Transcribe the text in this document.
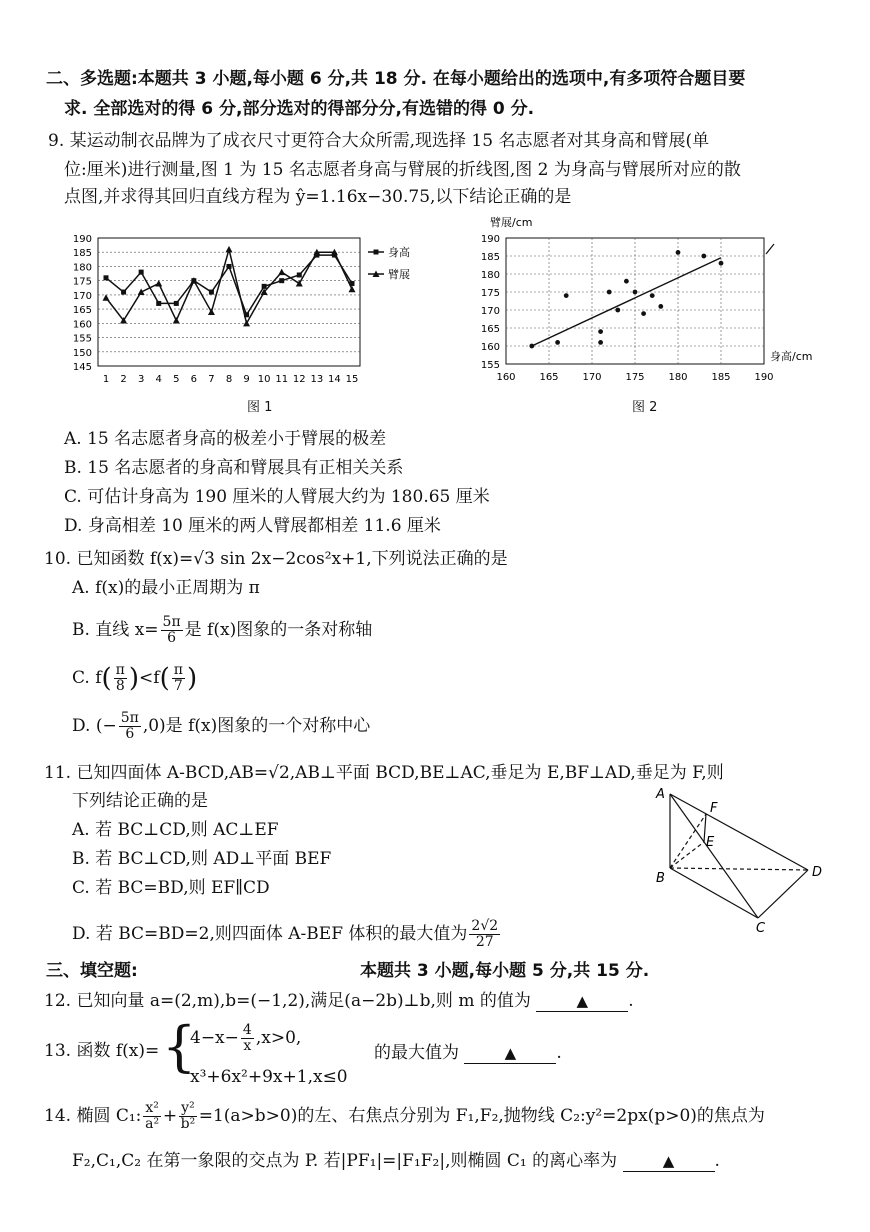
二、多选题:本题共 3 小题,每小题 6 分,共 18 分. 在每小题给出的选项中,有多项符合题目要
求. 全部选对的得 6 分,部分选对的得部分分,有选错的得 0 分.
9. 某运动制衣品牌为了成衣尺寸更符合大众所需,现选择 15 名志愿者对其身高和臂展(单
位:厘米)进行测量,图 1 为 15 名志愿者身高与臂展的折线图,图 2 为身高与臂展所对应的散
点图,并求得其回归直线方程为 ŷ=1.16x−30.75,以下结论正确的是
145
150
155
160
165
170
175
180
185
190
1 2 3 4 5 6 7 8 9 10 11 12 13 14 15
身高
臂展
图 1
155
160
165
170
175
180
185
190
160 165 170 175 180 185 190
臂展/cm
身高/cm
图 2
A. 15 名志愿者身高的极差小于臂展的极差
B. 15 名志愿者的身高和臂展具有正相关关系
C. 可估计身高为 190 厘米的人臂展大约为 180.65 厘米
D. 身高相差 10 厘米的两人臂展都相差 11.6 厘米
10. 已知函数 f(x)=√3 sin 2x−2cos²x+1,下列说法正确的是
A. f(x)的最小正周期为 π
B. 直线 $x= \frac{5\pi}{6}$ 是 f(x)图象的一条对称轴
C. $f( \frac{\pi}{8} )<f( \frac{\pi}{7}$ )
D. (− $\frac{5\pi}{6} ,0$)是 f(x)图象的一个对称中心
11. 已知四面体 A-BCD,AB=√2,AB⊥平面 BCD,BE⊥AC,垂足为 E,BF⊥AD,垂足为 F,则
下列结论正确的是
A. 若 BC⊥CD,则 AC⊥EF
B. 若 BC⊥CD,则 AD⊥平面 BEF
C. 若 BC=BD,则 EF∥CD
D. 若 BC=BD=2,则四面体 A-BEF 体积的最大值为 $\frac{2√2}{27}$
A
F
E
B	D
C
三、填空题:	本题共 3 小题,每小题 5 分,共 15 分.
12. 已知向量 a=(2,m),b=(−1,2),满足(a−2b)⊥b,则 m 的值为	▲ .
13. 函数 f(x)= {
$4-x- \frac{4}{x} ,x>0$,
x³+6x²+9x+1,x≤0
的最大值为	▲ .
14. 椭圆 C₁: $\frac{\text{x²}}{\text{a²}} + \frac{\text{y²}}{\text{b²}} =1(a>b>0)$的左、右焦点分别为 F₁,F₂,抛物线 C₂:y²=2px(p>0)的焦点为
F₂,C₁,C₂ 在第一象限的交点为 P. 若|PF₁|=|F₁F₂|,则椭圆 C₁ 的离心率为	▲ .
